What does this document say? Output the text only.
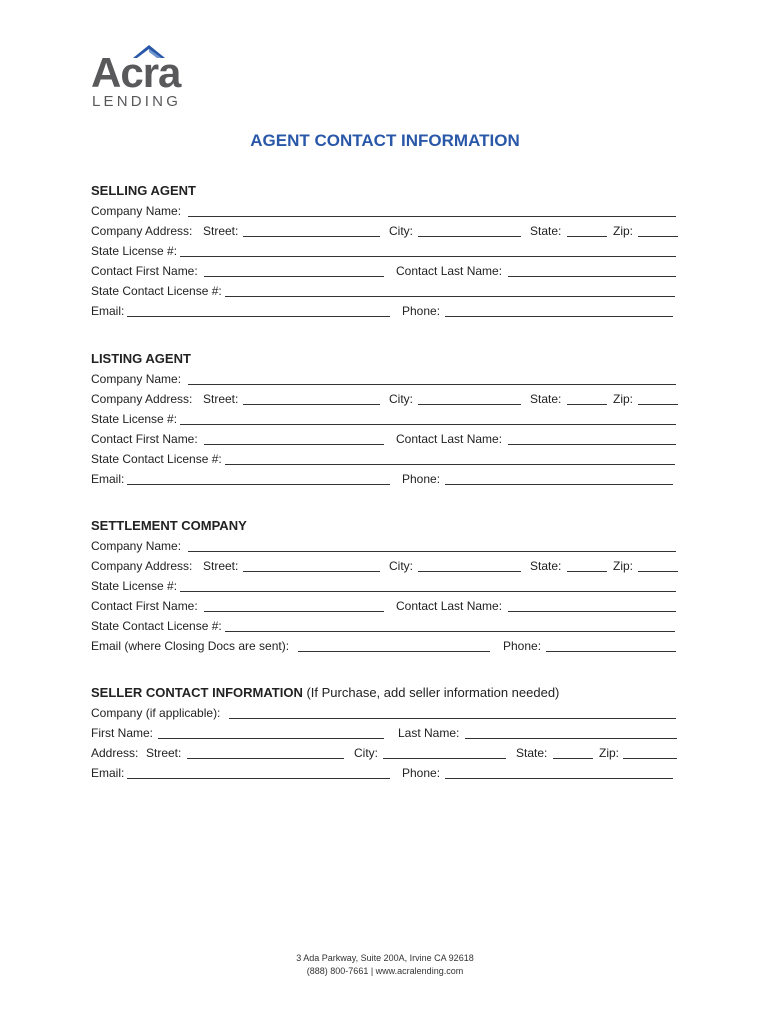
Acra
LENDING
AGENT CONTACT INFORMATION
SELLING AGENT
Company Name:
Company Address: Street:	City:	State:	Zip:
State License #:
Contact First Name:	Contact Last Name:
State Contact License #:
Email:	Phone:
LISTING AGENT
Company Name:
Company Address: Street:	City:	State:	Zip:
State License #:
Contact First Name:	Contact Last Name:
State Contact License #:
Email:	Phone:
SETTLEMENT COMPANY
Company Name:
Company Address: Street:	City:	State:	Zip:
State License #:
Contact First Name:	Contact Last Name:
State Contact License #:
Email (where Closing Docs are sent):	Phone:
SELLER CONTACT INFORMATION (If Purchase, add seller information needed)
Company (if applicable):
First Name:	Last Name:
Address: Street:	City:	State:	Zip:
Email:	Phone:
3 Ada Parkway, Suite 200A, Irvine CA 92618
(888) 800-7661 | www.acralending.com
